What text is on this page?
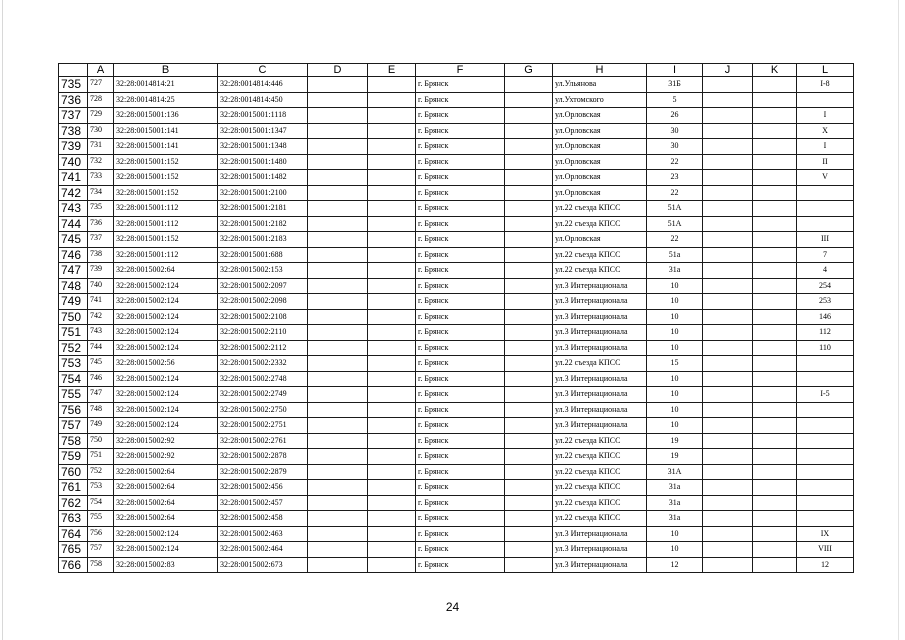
	A	B	C	D	E	F	G	H	I	J	K	L
735	727	32:28:0014814:21	32:28:0014814:446			г. Брянск		ул.Ульянова	31Б			I-8
736	728	32:28:0014814:25	32:28:0014814:450			г. Брянск		ул.Ухтомского	5			
737	729	32:28:0015001:136	32:28:0015001:1118			г. Брянск		ул.Орловская	26			I
738	730	32:28:0015001:141	32:28:0015001:1347			г. Брянск		ул.Орловская	30			X
739	731	32:28:0015001:141	32:28:0015001:1348			г. Брянск		ул.Орловская	30			I
740	732	32:28:0015001:152	32:28:0015001:1480			г. Брянск		ул.Орловская	22			II
741	733	32:28:0015001:152	32:28:0015001:1482			г. Брянск		ул.Орловская	23			V
742	734	32:28:0015001:152	32:28:0015001:2100			г. Брянск		ул.Орловская	22			
743	735	32:28:0015001:112	32:28:0015001:2181			г. Брянск		ул.22 съезда КПСС	51А			
744	736	32:28:0015001:112	32:28:0015001:2182			г. Брянск		ул.22 съезда КПСС	51А			
745	737	32:28:0015001:152	32:28:0015001:2183			г. Брянск		ул.Орловская	22			III
746	738	32:28:0015001:112	32:28:0015001:688			г. Брянск		ул.22 съезда КПСС	51а			7
747	739	32:28:0015002:64	32:28:0015002:153			г. Брянск		ул.22 съезда КПСС	31а			4
748	740	32:28:0015002:124	32:28:0015002:2097			г. Брянск		ул.3 Интернационала	10			254
749	741	32:28:0015002:124	32:28:0015002:2098			г. Брянск		ул.3 Интернационала	10			253
750	742	32:28:0015002:124	32:28:0015002:2108			г. Брянск		ул.3 Интернационала	10			146
751	743	32:28:0015002:124	32:28:0015002:2110			г. Брянск		ул.3 Интернационала	10			112
752	744	32:28:0015002:124	32:28:0015002:2112			г. Брянск		ул.3 Интернационала	10			110
753	745	32:28:0015002:56	32:28:0015002:2332			г. Брянск		ул.22 съезда КПСС	15			
754	746	32:28:0015002:124	32:28:0015002:2748			г. Брянск		ул.3 Интернационала	10			
755	747	32:28:0015002:124	32:28:0015002:2749			г. Брянск		ул.3 Интернационала	10			I-5
756	748	32:28:0015002:124	32:28:0015002:2750			г. Брянск		ул.3 Интернационала	10			
757	749	32:28:0015002:124	32:28:0015002:2751			г. Брянск		ул.3 Интернационала	10			
758	750	32:28:0015002:92	32:28:0015002:2761			г. Брянск		ул.22 съезда КПСС	19			
759	751	32:28:0015002:92	32:28:0015002:2878			г. Брянск		ул.22 съезда КПСС	19			
760	752	32:28:0015002:64	32:28:0015002:2879			г. Брянск		ул.22 съезда КПСС	31А			
761	753	32:28:0015002:64	32:28:0015002:456			г. Брянск		ул.22 съезда КПСС	31а			
762	754	32:28:0015002:64	32:28:0015002:457			г. Брянск		ул.22 съезда КПСС	31а			
763	755	32:28:0015002:64	32:28:0015002:458			г. Брянск		ул.22 съезда КПСС	31а			
764	756	32:28:0015002:124	32:28:0015002:463			г. Брянск		ул.3 Интернационала	10			IX
765	757	32:28:0015002:124	32:28:0015002:464			г. Брянск		ул.3 Интернационала	10			VIII
766	758	32:28:0015002:83	32:28:0015002:673			г. Брянск		ул.3 Интернационала	12			12
24
